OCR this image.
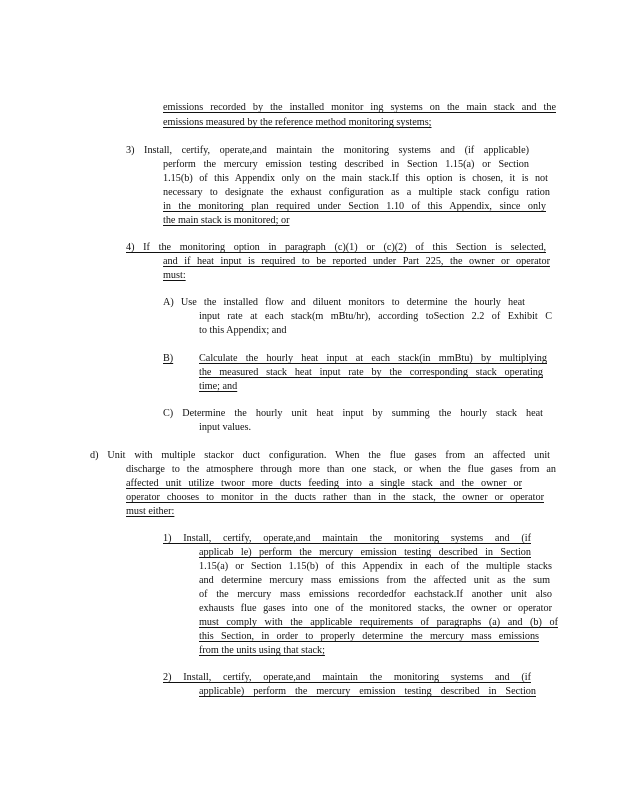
emissions recorded by the installed monitor ing systems on the main stack and the
emissions measured by the reference method monitoring systems;
3) Install, certify, operate,and maintain the monitoring systems and (if applicable)
perform the mercury emission testing described in Section 1.15(a) or Section
1.15(b) of this Appendix only on the main stack.If this option is chosen, it is not
necessary to designate the exhaust configuration as a multiple stack configu ration
in the monitoring plan required under Section 1.10 of this Appendix, since only
the main stack is monitored; or
4) If the monitoring option in paragraph (c)(1) or (c)(2) of this Section is selected,
and if heat input is required to be reported under Part 225, the owner or operator
must:
A) Use the installed flow and diluent monitors to determine the hourly heat
input rate at each stack(m mBtu/hr), according toSection 2.2 of Exhibit C
to this Appendix; and
B)	Calculate the hourly heat input at each stack(in mmBtu) by multiplying
the measured stack heat input rate by the corresponding stack operating
time; and
C) Determine the hourly unit heat input by summing the hourly stack heat
input values.
d) Unit with multiple stackor duct configuration. When the flue gases from an affected unit
discharge to the atmosphere through more than one stack, or when the flue gases from an
affected unit utilize twoor more ducts feeding into a single stack and the owner or
operator chooses to monitor in the ducts rather than in the stack, the owner or operator
must either:
1) Install, certify, operate,and maintain the monitoring systems and (if
applicab le) perform the mercury emission testing described in Section
1.15(a) or Section 1.15(b) of this Appendix in each of the multiple stacks
and determine mercury mass emissions from the affected unit as the sum
of the mercury mass emissions recordedfor eachstack.If another unit also
exhausts flue gases into one of the monitored stacks, the owner or operator
must comply with the applicable requirements of paragraphs (a) and (b) of
this Section, in order to properly determine the mercury mass emissions
from the units using that stack;
2) Install, certify, operate,and maintain the monitoring systems and (if
applicable) perform the mercury emission testing described in Section
